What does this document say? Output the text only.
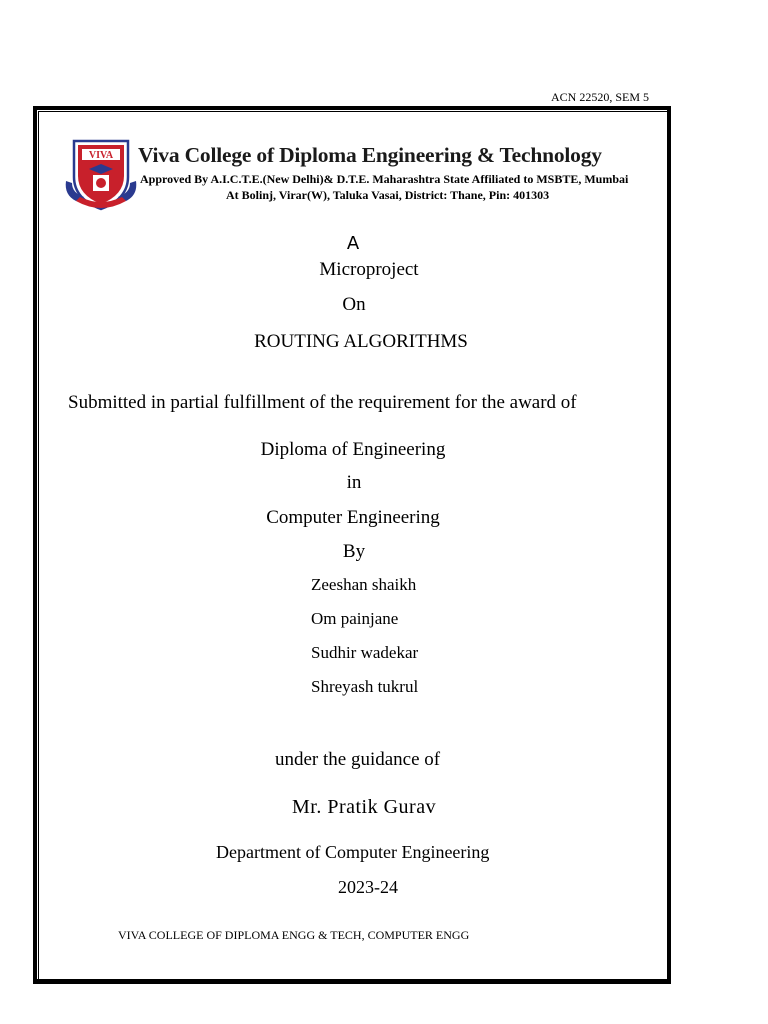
ACN 22520, SEM 5
VIVA Viva College of Diploma Engineering & Technology
Approved By A.I.C.T.E.(New Delhi)& D.T.E. Maharashtra State Affiliated to MSBTE, Mumbai
At Bolinj, Virar(W), Taluka Vasai, District: Thane, Pin: 401303
A
Microproject
On
ROUTING ALGORITHMS
Submitted in partial fulfillment of the requirement for the award of
Diploma of Engineering
in
Computer Engineering
By
Zeeshan shaikh
Om painjane
Sudhir wadekar
Shreyash tukrul
under the guidance of
Mr. Pratik Gurav
Department of Computer Engineering
2023-24
VIVA COLLEGE OF DIPLOMA ENGG & TECH, COMPUTER ENGG
